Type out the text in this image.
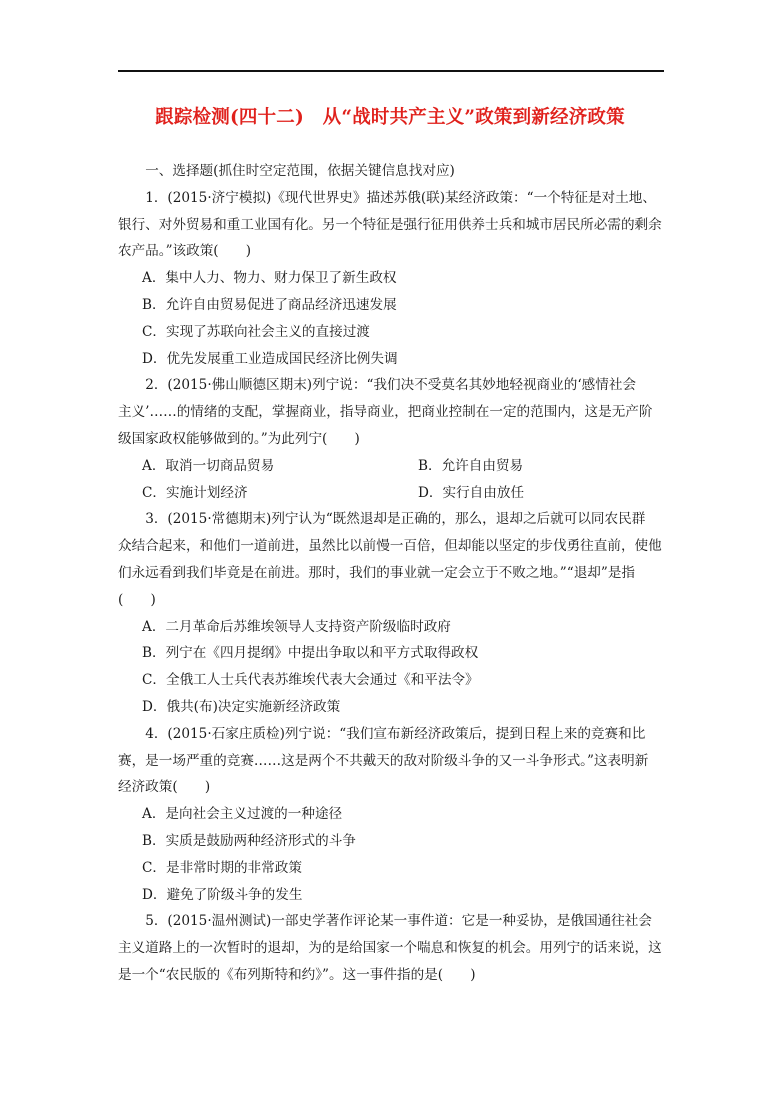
跟踪检测(四十二)　从“战时共产主义”政策到新经济政策

一、选择题(抓住时空定范围，依据关键信息找对应)

1．(2015·济宁模拟)《现代世界史》描述苏俄(联)某经济政策：“一个特征是对土地、

银行、对外贸易和重工业国有化。另一个特征是强行征用供养士兵和城市居民所必需的剩余

农产品。”该政策(　　)

A．集中人力、物力、财力保卫了新生政权

B．允许自由贸易促进了商品经济迅速发展

C．实现了苏联向社会主义的直接过渡

D．优先发展重工业造成国民经济比例失调

2．(2015·佛山顺德区期末)列宁说：“我们决不受莫名其妙地轻视商业的‘感情社会

主义’……的情绪的支配，掌握商业，指导商业，把商业控制在一定的范围内，这是无产阶

级国家政权能够做到的。”为此列宁(　　)

A．取消一切商品贸易	B．允许自由贸易
C．实施计划经济	D．实行自由放任

3．(2015·常德期末)列宁认为“既然退却是正确的，那么，退却之后就可以同农民群

众结合起来，和他们一道前进，虽然比以前慢一百倍，但却能以坚定的步伐勇往直前，使他

们永远看到我们毕竟是在前进。那时，我们的事业就一定会立于不败之地。”“退却”是指

(　　)

A．二月革命后苏维埃领导人支持资产阶级临时政府

B．列宁在《四月提纲》中提出争取以和平方式取得政权

C．全俄工人士兵代表苏维埃代表大会通过《和平法令》

D．俄共(布)决定实施新经济政策

4．(2015·石家庄质检)列宁说：“我们宣布新经济政策后，提到日程上来的竞赛和比

赛，是一场严重的竞赛……这是两个不共戴天的敌对阶级斗争的又一斗争形式。”这表明新

经济政策(　　)

A．是向社会主义过渡的一种途径

B．实质是鼓励两种经济形式的斗争

C．是非常时期的非常政策

D．避免了阶级斗争的发生

5．(2015·温州测试)一部史学著作评论某一事件道：它是一种妥协，是俄国通往社会

主义道路上的一次暂时的退却，为的是给国家一个喘息和恢复的机会。用列宁的话来说，这

是一个“农民版的《布列斯特和约》”。这一事件指的是(　　)
